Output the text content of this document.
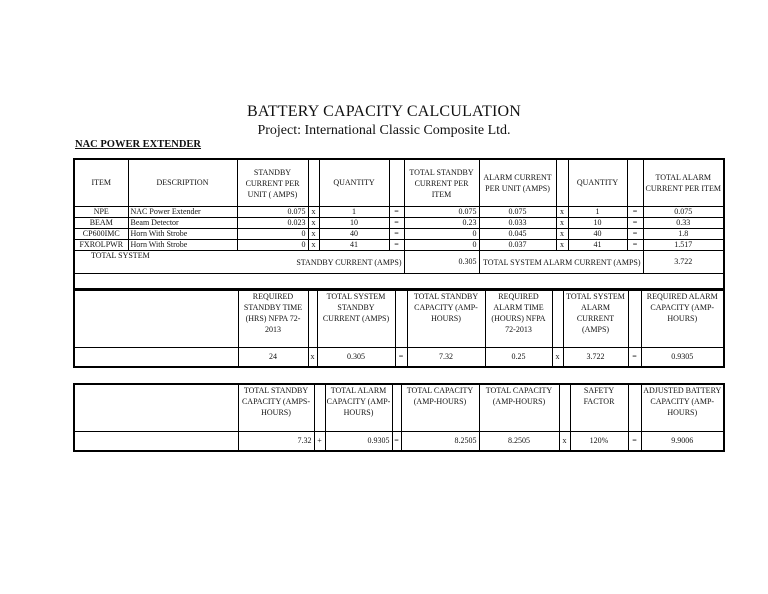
BATTERY CAPACITY CALCULATION
Project: International Classic Composite Ltd.
NAC POWER EXTENDER
ITEM	DESCRIPTION	STANDBY CURRENT PER UNIT ( AMPS)		QUANTITY		TOTAL STANDBY CURRENT PER ITEM	ALARM CURRENT PER UNIT (AMPS)		QUANTITY		TOTAL ALARM CURRENT PER ITEM
NPE	NAC Power Extender	0.075	x	1	=	0.075	0.075	x	1	=	0.075
BEAM	Beam Detector	0.023	x	10	=	0.23	0.033	x	10	=	0.33
CP600IMC	Horn With Strobe	0	x	40	=	0	0.045	x	40	=	1.8
FXROLPWR	Horn With Strobe	0	x	41	=	0	0.037	x	41	=	1.517
TOTAL SYSTEM		STANDBY CURRENT (AMPS)				0.305	TOTAL SYSTEM ALARM CURRENT (AMPS)				3.722

	REQUIRED STANDBY TIME (HRS) NFPA 72-2013		TOTAL SYSTEM STANDBY CURRENT (AMPS)		TOTAL STANDBY CAPACITY (AMP-HOURS)	REQUIRED ALARM TIME (HOURS) NFPA 72-2013		TOTAL SYSTEM ALARM CURRENT (AMPS)		REQUIRED ALARM CAPACITY (AMP-HOURS)
	24	x	0.305	=	7.32	0.25	x	3.722	=	0.9305
	TOTAL STANDBY CAPACITY (AMPS-HOURS)		TOTAL ALARM CAPACITY (AMP-HOURS)		TOTAL CAPACITY (AMP-HOURS)	TOTAL CAPACITY (AMP-HOURS)		SAFETY FACTOR		ADJUSTED BATTERY CAPACITY (AMP-HOURS)
	7.32	+	0.9305	=	8.2505	8.2505	x	120%	=	9.9006
